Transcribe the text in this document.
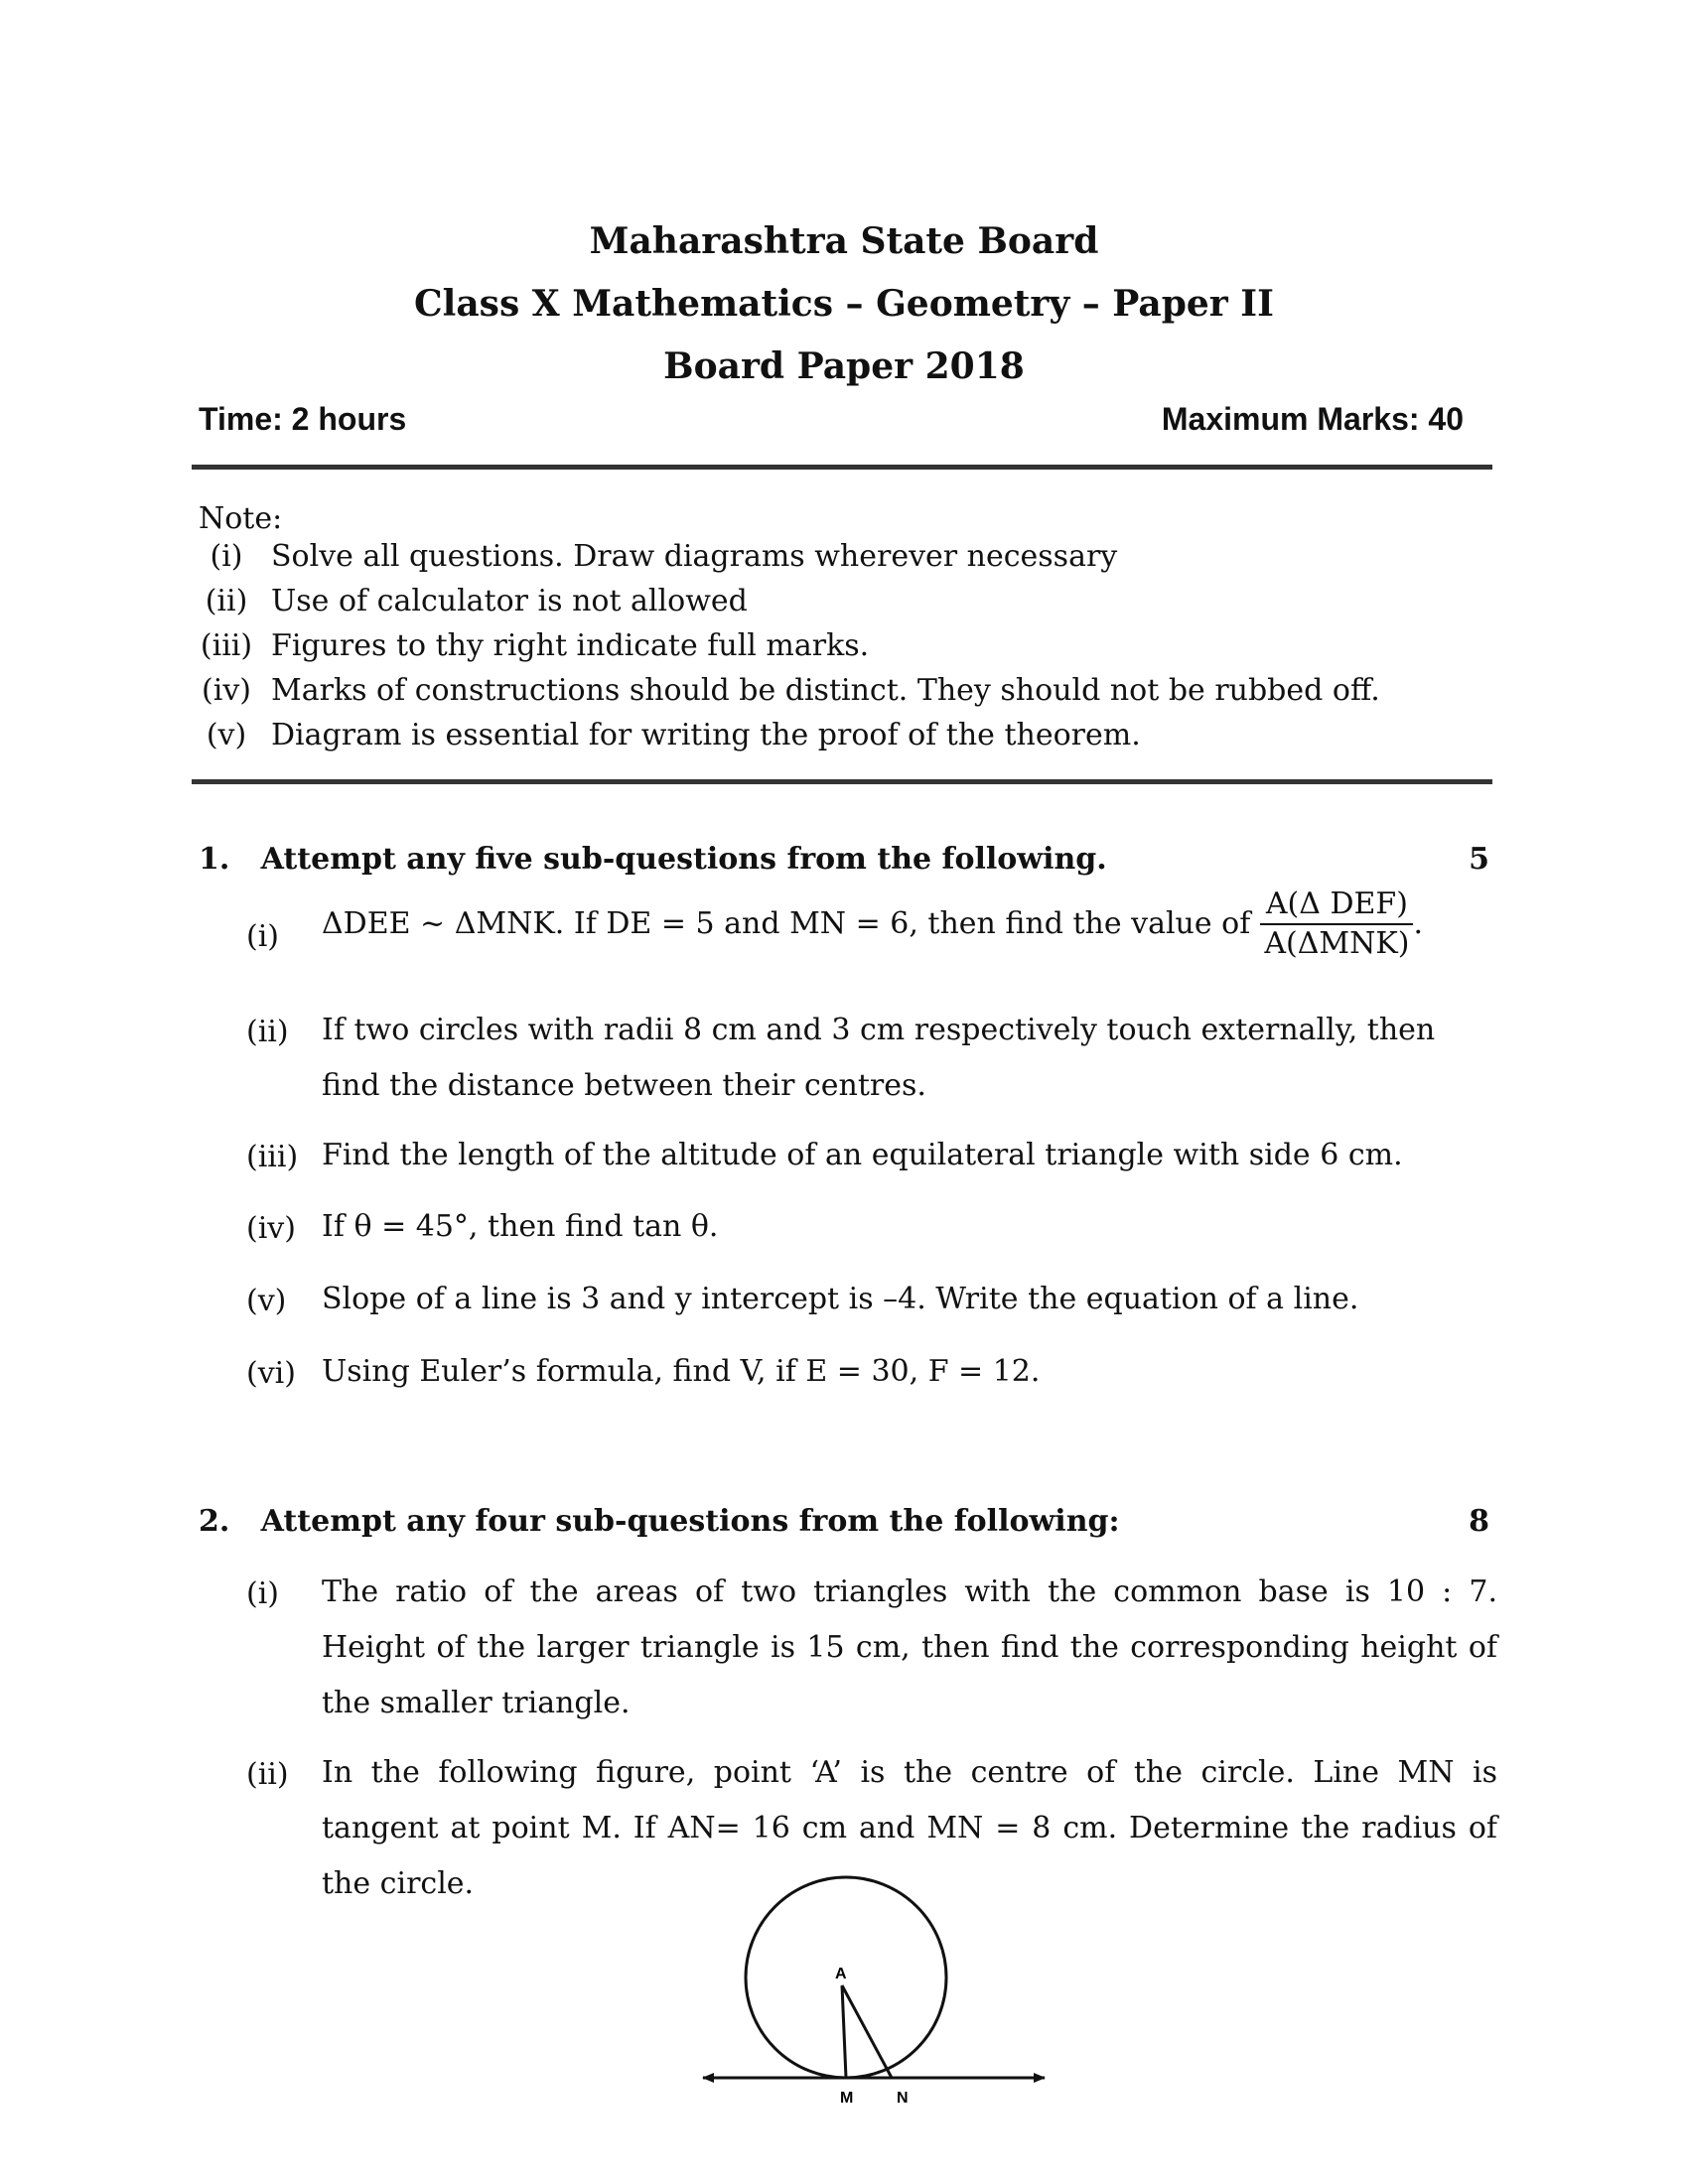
Maharashtra State Board
Class X Mathematics – Geometry – Paper II
Board Paper 2018
Time: 2 hours	Maximum Marks: 40
Note:
(i) Solve all questions. Draw diagrams wherever necessary
(ii) Use of calculator is not allowed
(iii) Figures to thy right indicate full marks.
(iv) Marks of constructions should be distinct. They should not be rubbed off.
(v) Diagram is essential for writing the proof of the theorem.
1. Attempt any five sub-questions from the following.	5
(i)	ΔDEE ~ ΔMNK. If DE = 5 and MN = 6, then find the value of $\frac{\text{A(Δ DEF)}}{\text{A(ΔMNK)}}$ .
(ii)	If two circles with radii 8 cm and 3 cm respectively touch externally, then find the distance between their centres.
(iii) Find the length of the altitude of an equilateral triangle with side 6 cm.
(iv) If θ = 45°, then find tan θ.
(v)	Slope of a line is 3 and y intercept is –4. Write the equation of a line.
(vi) Using Euler’s formula, find V, if E = 30, F = 12.
2. Attempt any four sub-questions from the following:	8
(i)	The ratio of the areas of two triangles with the common base is 10 : 7. Height of the larger triangle is 15 cm, then find the corresponding height of the smaller triangle.
(ii)	In the following figure, point ‘A’ is the centre of the circle. Line MN is tangent at point M. If AN= 16 cm and MN = 8 cm. Determine the radius of the circle.
A
M	N
